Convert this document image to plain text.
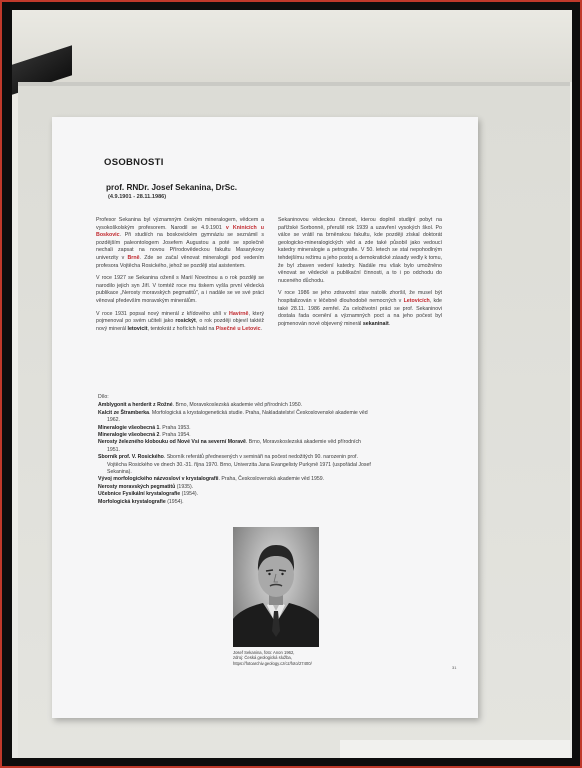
OSOBNOSTI
prof. RNDr. Josef Sekanina, DrSc.
(4.9.1901 - 28.11.1986)

Profesor Sekanina byl významným českým mineralogem, vědcem a vysokoškolským profesorem. Narodil se 4.9.1901 v Kninicích u Boskovic. Při studiích na boskovickém gymnáziu se seznámil s pozdějším paleontologem Josefem Augustou a poté se společně nechali zapsat na novou Přírodovědeckou fakultu Masarykovy univerzity v Brně. Zde se začal věnovat mineralogii pod vedením profesora Vojtěcha Rosického, jehož se později stal asistentem.

V roce 1927 se Sekanina oženil s Marií Novotnou a o rok později se narodilo jejich syn Jiří. V tomtéž roce mu tiskem vyšla první vědecká publikace „Nerosty moravských pegmatitů", a i nadále se ve své práci věnoval především moravským minerálům.

V roce 1931 popsal nový minerál z křídového uhlí v Havírně, který pojmenoval po svém učiteli jako rosickýt, o rok později objevil taktéž nový minerál letovicit, tentokrát z hořících hald na Písečné u Letovic.

Sekaninovou vědeckou činnost, kterou doplnil studijní pobyt na pařížské Sorbonně, přerušil rok 1939 a uzavření vysokých škol. Po válce se vrátil na brněnskou fakultu, kde později získal doktorát geologicko-mineralogických věd a zde také působil jako vedoucí katedry mineralogie a petrografie. V 50. letech se stal nepohodlným tehdejšímu režimu a jeho postoj a demokratické zásady vedly k tomu, že byl zbaven vedení katedry. Nadále mu však bylo umožněno věnovat se vědecké a publikační činnosti, a to i po odchodu do nuceného důchodu.

V roce 1986 se jeho zdravotní stav natolik zhoršil, že musel být hospitalizován v léčebně dlouhodobě nemocných v Letovicích, kde také 28.11. 1986 zemřel. Za celoživotní práci se prof. Sekaninovi dostala řada ocenění a významných poct a na jeho počest byl pojmenován nové objevený minerál sekaninait.

Dílo:
Amblygonit a herderit z Rožné. Brno, Moravskoslezská akademie věd přírodních 1950.
Kalcit ze Štramberka. Morfologická a krystalogenetická studie. Praha, Nakladatelství Československé akademie věd
1962.
Mineralogie všeobecná 1. Praha 1953.
Mineralogie všeobecná 2. Praha 1954.
Nerosty železného klobouku od Nové Vsi na severní Moravě. Brno, Moravskoslezská akademie věd přírodních
1951.
Sborník prof. V. Rosického. Sborník referátů přednesených v semináři na počest nedožitých 90. narozenin prof.
Vojtěcha Rosického ve dnech 30.-31. října 1970. Brno, Univerzita Jana Evangelisty Purkyně 1971 (uspořádal Josef
Sekanina).
Vývoj morfologického názvosloví v krystalografii. Praha, Československá akademie věd 1959.
Nerosty moravských pegmatitů (1935).
Učebnice Fysikální krystalografie (1954).
Morfologická krystalografie (1954).
Josef Sekanina, foto: Anon 1962,
zdroj: Česká geologická služba,
https://fotoarchiv.geology.cz/cz/foto/27400/
31
